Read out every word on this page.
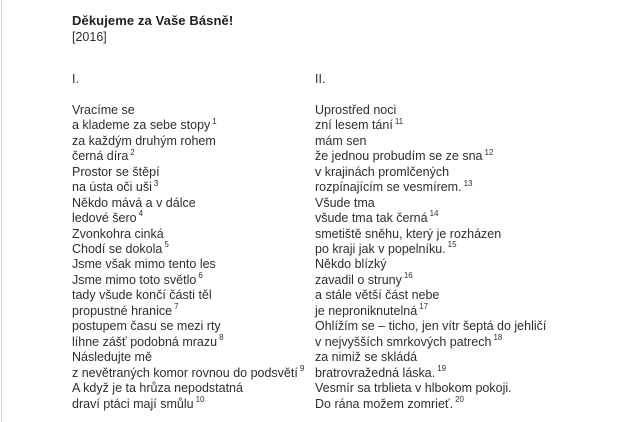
Děkujeme za Vaše Básně!
[2016]
I.
Vracíme se
a klademe za sebe stopy $^1$
za každým druhým rohem
černá díra $^2$
Prostor se štěpí
na ústa oči uši $^3$
Někdo mává a v dálce
ledové šero $^4$
Zvonkohra cinká
Chodí se dokola $^5$
Jsme však mimo tento les
Jsme mimo toto světlo $^6$
tady všude končí části těl
propustné hranice $^7$
postupem času se mezi rty
líhne zášť podobná mrazu $^8$
Následujte mě
z nevětraných komor rovnou do podsvětí $^9$
A když je ta hrůza nepodstatná
draví ptáci mají smůlu $^{10}$
II.
Uprostřed noci
zní lesem tání $^{11}$
mám sen
že jednou probudím se ze sna $^{12}$
v krajinách promlčených
rozpínajícím se vesmírem. $^{13}$
Všude tma
všude tma tak černá $^{14}$
smetiště sněhu, který je rozházen
po kraji jak v popelníku. $^{15}$
Někdo blízký
zavadil o struny $^{16}$
a stále větší část nebe
je neproniknutelná $^{17}$
Ohlížím se – ticho, jen vítr šeptá do jehličí
v nejvyšších smrkových patrech $^{18}$
za nimiž se skládá
bratrovražedná láska. $^{19}$
Vesmír sa trblieta v hlbokom pokoji.
Do rána možem zomrieť. $^{20}$
